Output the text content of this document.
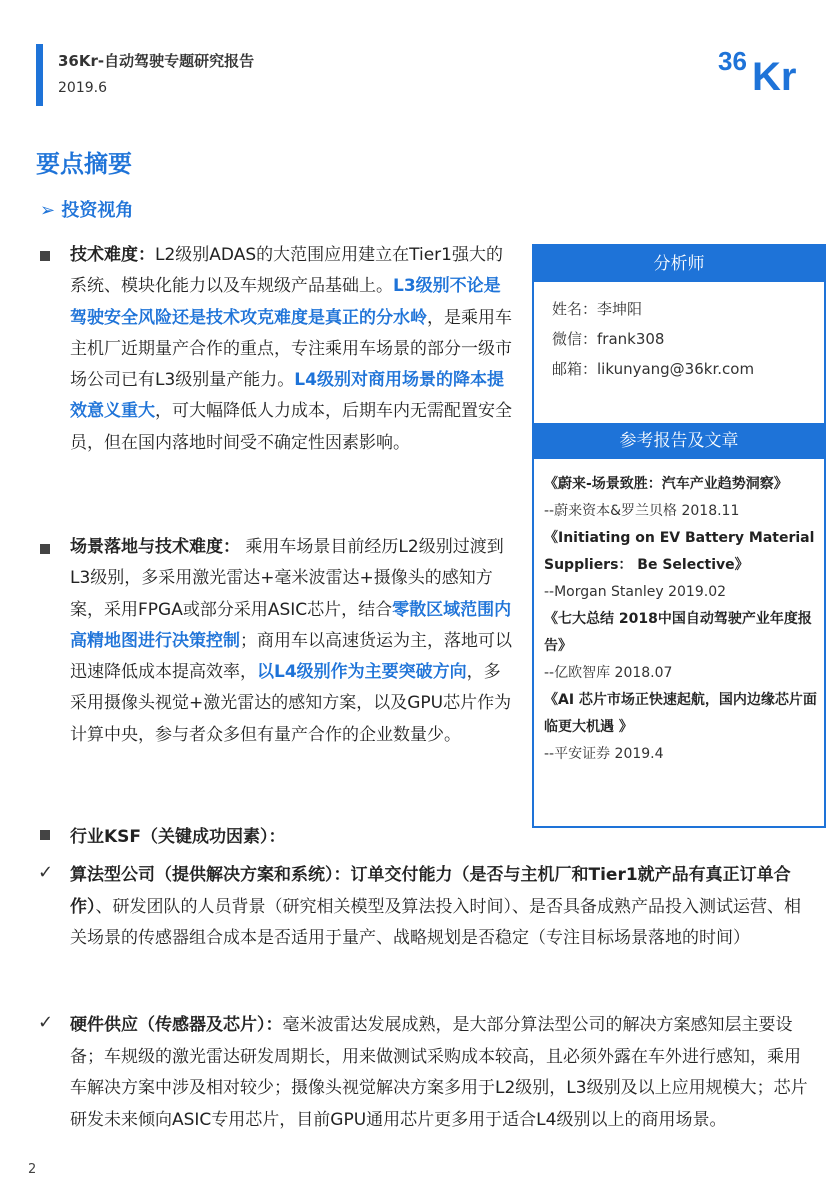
36Kr-自动驾驶专题研究报告
2019.6
36 Kr
要点摘要
➢ 投资视角
技术难度：L2级别ADAS的大范围应用建立在Tier1强大的系统、模块化能力以及车规级产品基础上。L3级别不论是驾驶安全风险还是技术攻克难度是真正的分水岭，是乘用车主机厂近期量产合作的重点，专注乘用车场景的部分一级市场公司已有L3级别量产能力。L4级别对商用场景的降本提效意义重大，可大幅降低人力成本，后期车内无需配置安全员，但在国内落地时间受不确定性因素影响。
场景落地与技术难度： 乘用车场景目前经历L2级别过渡到L3级别，多采用激光雷达+毫米波雷达+摄像头的感知方案，采用FPGA或部分采用ASIC芯片，结合零散区域范围内高精地图进行决策控制；商用车以高速货运为主，落地可以迅速降低成本提高效率，以L4级别作为主要突破方向，多采用摄像头视觉+激光雷达的感知方案，以及GPU芯片作为计算中央，参与者众多但有量产合作的企业数量少。
行业KSF（关键成功因素）：
✓ 算法型公司（提供解决方案和系统）：订单交付能力（是否与主机厂和Tier1就产品有真正订单合作）、研发团队的人员背景（研究相关模型及算法投入时间）、是否具备成熟产品投入测试运营、相关场景的传感器组合成本是否适用于量产、战略规划是否稳定（专注目标场景落地的时间）
✓ 硬件供应（传感器及芯片）：毫米波雷达发展成熟，是大部分算法型公司的解决方案感知层主要设备；车规级的激光雷达研发周期长，用来做测试采购成本较高，且必须外露在车外进行感知，乘用车解决方案中涉及相对较少；摄像头视觉解决方案多用于L2级别，L3级别及以上应用规模大；芯片研发未来倾向ASIC专用芯片，目前GPU通用芯片更多用于适合L4级别以上的商用场景。
分析师
姓名：李坤阳
微信：frank308
邮箱：likunyang@36kr.com
参考报告及文章
《蔚来-场景致胜：汽车产业趋势洞察》
--蔚来资本&罗兰贝格 2018.11
《Initiating on EV Battery Material Suppliers： Be Selective》
--Morgan Stanley 2019.02
《七大总结 2018中国自动驾驶产业年度报告》
--亿欧智库 2018.07
《AI 芯片市场正快速起航，国内边缘芯片面临更大机遇 》
--平安证券 2019.4
2
